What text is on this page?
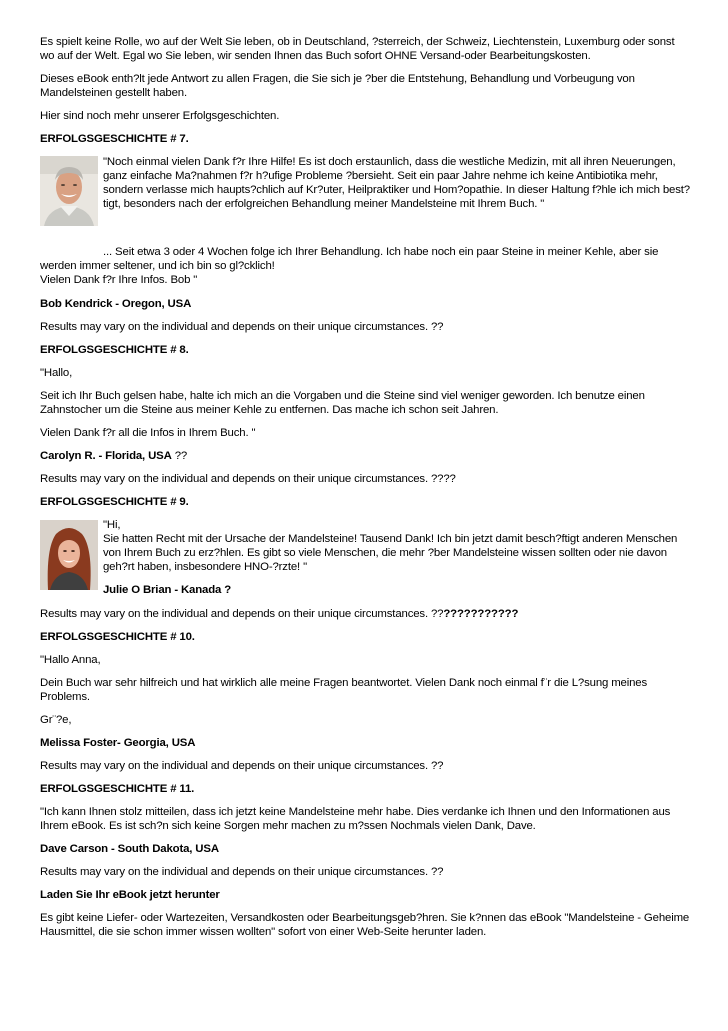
Es spielt keine Rolle, wo auf der Welt Sie leben, ob in Deutschland, ?sterreich, der Schweiz, Liechtenstein, Luxemburg oder sonst wo auf der Welt. Egal wo Sie leben, wir senden Ihnen das Buch sofort OHNE Versand-oder Bearbeitungskosten.

Dieses eBook enth?lt jede Antwort zu allen Fragen, die Sie sich je ?ber die Entstehung, Behandlung und Vorbeugung von Mandelsteinen gestellt haben.

Hier sind noch mehr unserer Erfolgsgeschichten.

ERFOLGSGESCHICHTE # 7.
"Noch einmal vielen Dank f?r Ihre Hilfe! Es ist doch erstaunlich, dass die westliche Medizin, mit all ihren Neuerungen, ganz einfache Ma?nahmen f?r h?ufige Probleme ?bersieht. Seit ein paar Jahre nehme ich keine Antibiotika mehr, sondern verlasse mich haupts?chlich auf Kr?uter, Heilpraktiker und Hom?opathie. In dieser Haltung f?hle ich mich best?tigt, besonders nach der erfolgreichen Behandlung meiner Mandelsteine mit Ihrem Buch. "
... Seit etwa 3 oder 4 Wochen folge ich Ihrer Behandlung. Ich habe noch ein paar Steine in meiner Kehle, aber sie werden immer seltener, und ich bin so gl?cklich!
Vielen Dank f?r Ihre Infos. Bob "
Bob Kendrick - Oregon, USA

Results may vary on the individual and depends on their unique circumstances. ??

ERFOLGSGESCHICHTE # 8.

"Hallo,

Seit ich Ihr Buch gelsen habe, halte ich mich an die Vorgaben und die Steine sind viel weniger geworden. Ich benutze einen Zahnstocher um die Steine aus meiner Kehle zu entfernen. Das mache ich schon seit Jahren.

Vielen Dank f?r all die Infos in Ihrem Buch. "

Carolyn R. - Florida, USA ??

Results may vary on the individual and depends on their unique circumstances. ????

ERFOLGSGESCHICHTE # 9.
"Hi,
Sie hatten Recht mit der Ursache der Mandelsteine! Tausend Dank! Ich bin jetzt damit besch?ftigt anderen Menschen von Ihrem Buch zu erz?hlen. Es gibt so viele Menschen, die mehr ?ber Mandelsteine wissen sollten oder nie davon geh?rt haben, insbesondere HNO-?rzte! "
Julie O Brian - Kanada ?

Results may vary on the individual and depends on their unique circumstances. ?????????????

ERFOLGSGESCHICHTE # 10.

"Hallo Anna,

Dein Buch war sehr hilfreich und hat wirklich alle meine Fragen beantwortet. Vielen Dank noch einmal f¨r die L?sung meines Problems.

Gr¨?e,

Melissa Foster- Georgia, USA

Results may vary on the individual and depends on their unique circumstances. ??

ERFOLGSGESCHICHTE # 11.

"Ich kann Ihnen stolz mitteilen, dass ich jetzt keine Mandelsteine mehr habe. Dies verdanke ich Ihnen und den Informationen aus Ihrem eBook. Es ist sch?n sich keine Sorgen mehr machen zu m?ssen Nochmals vielen Dank, Dave.

Dave Carson - South Dakota, USA

Results may vary on the individual and depends on their unique circumstances. ??

Laden Sie Ihr eBook jetzt herunter

Es gibt keine Liefer- oder Wartezeiten, Versandkosten oder Bearbeitungsgeb?hren. Sie k?nnen das eBook "Mandelsteine - Geheime Hausmittel, die sie schon immer wissen wollten" sofort von einer Web-Seite herunter laden.
